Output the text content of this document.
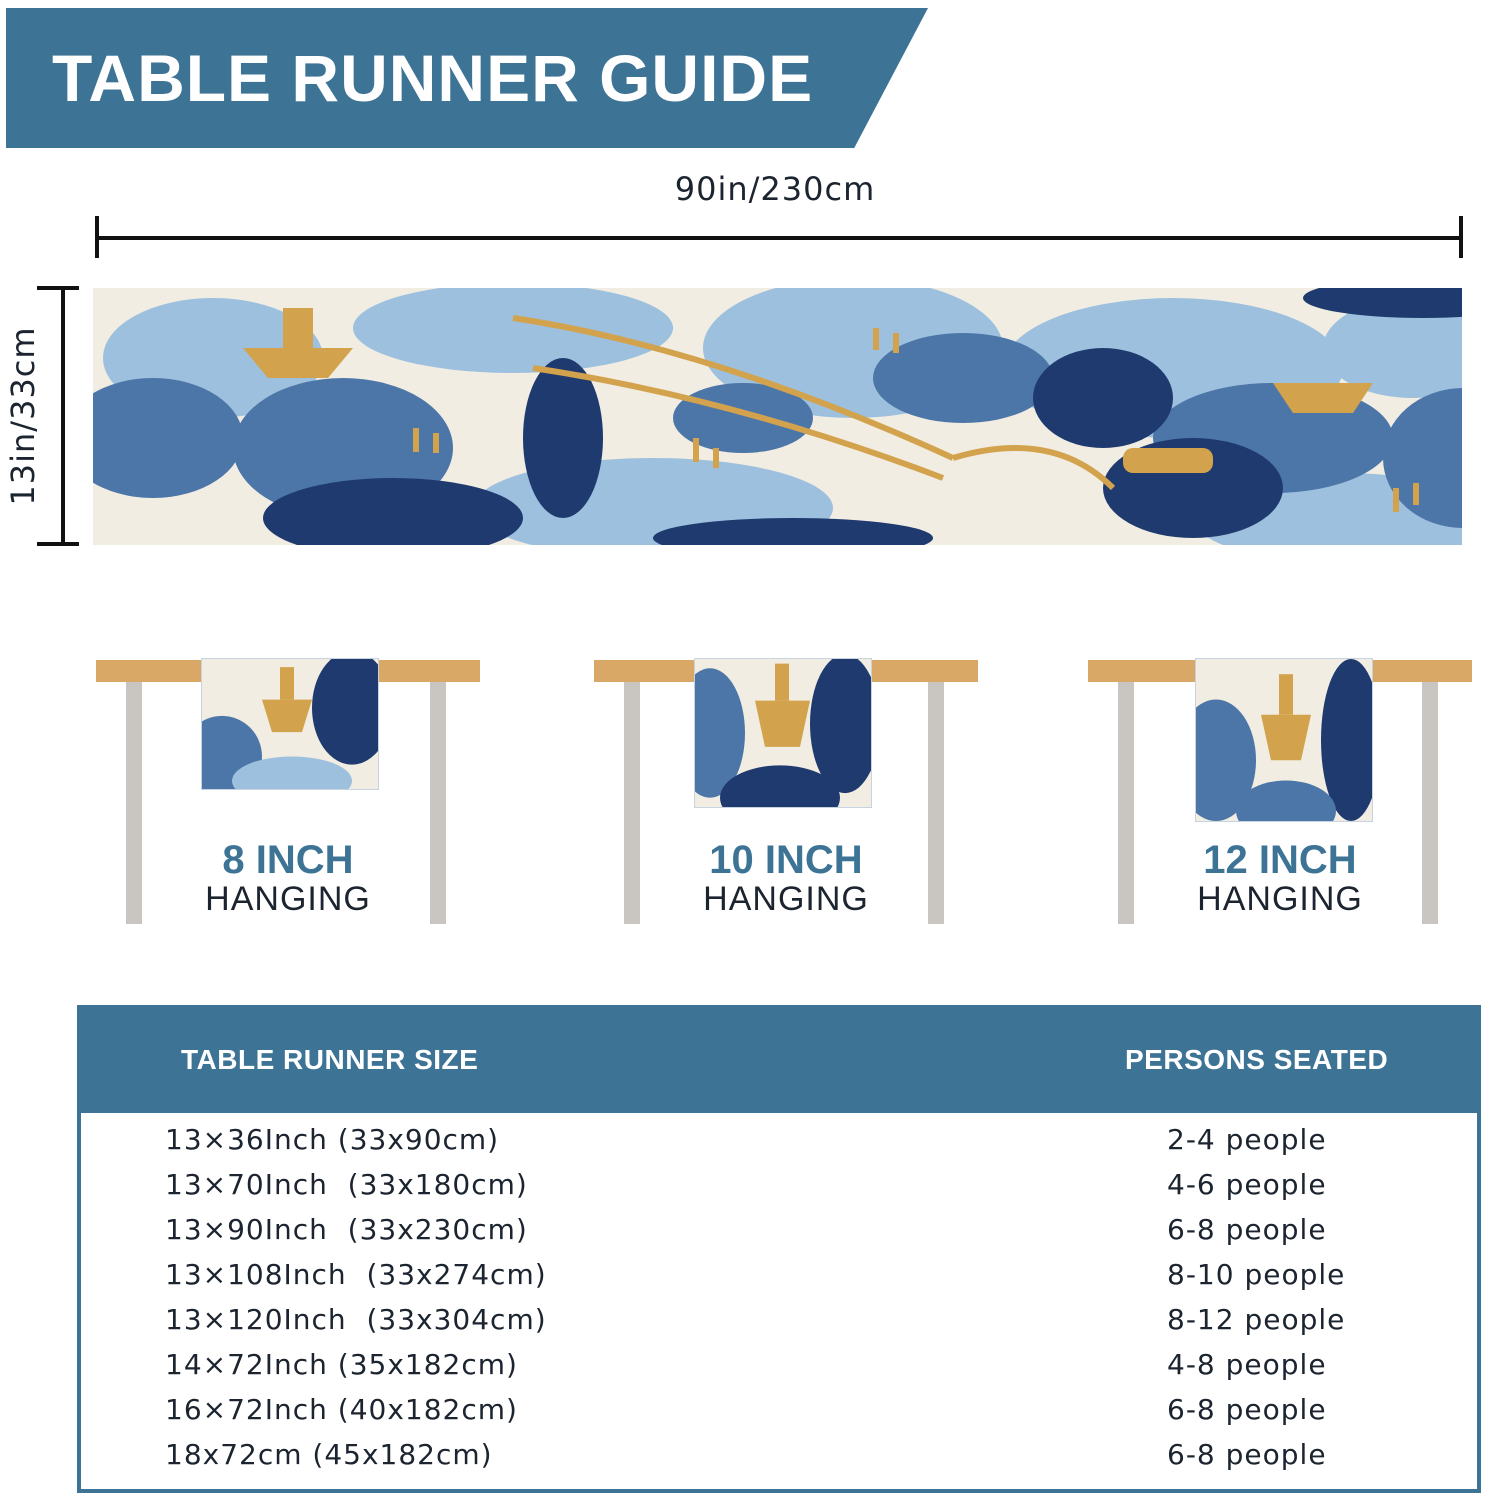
TABLE RUNNER GUIDE
90in/230cm
13in/33cm
8 INCH
HANGING
10 INCH
HANGING
12 INCH
HANGING
TABLE RUNNER SIZE	PERSONS SEATED
13×36Inch (33x90cm)	2-4 people
13×70Inch  (33x180cm)	4-6 people
13×90Inch  (33x230cm)	6-8 people
13×108Inch  (33x274cm)	8-10 people
13×120Inch  (33x304cm)	8-12 people
14×72Inch (35x182cm)	4-8 people
16×72Inch (40x182cm)	6-8 people
18x72cm (45x182cm)	6-8 people
